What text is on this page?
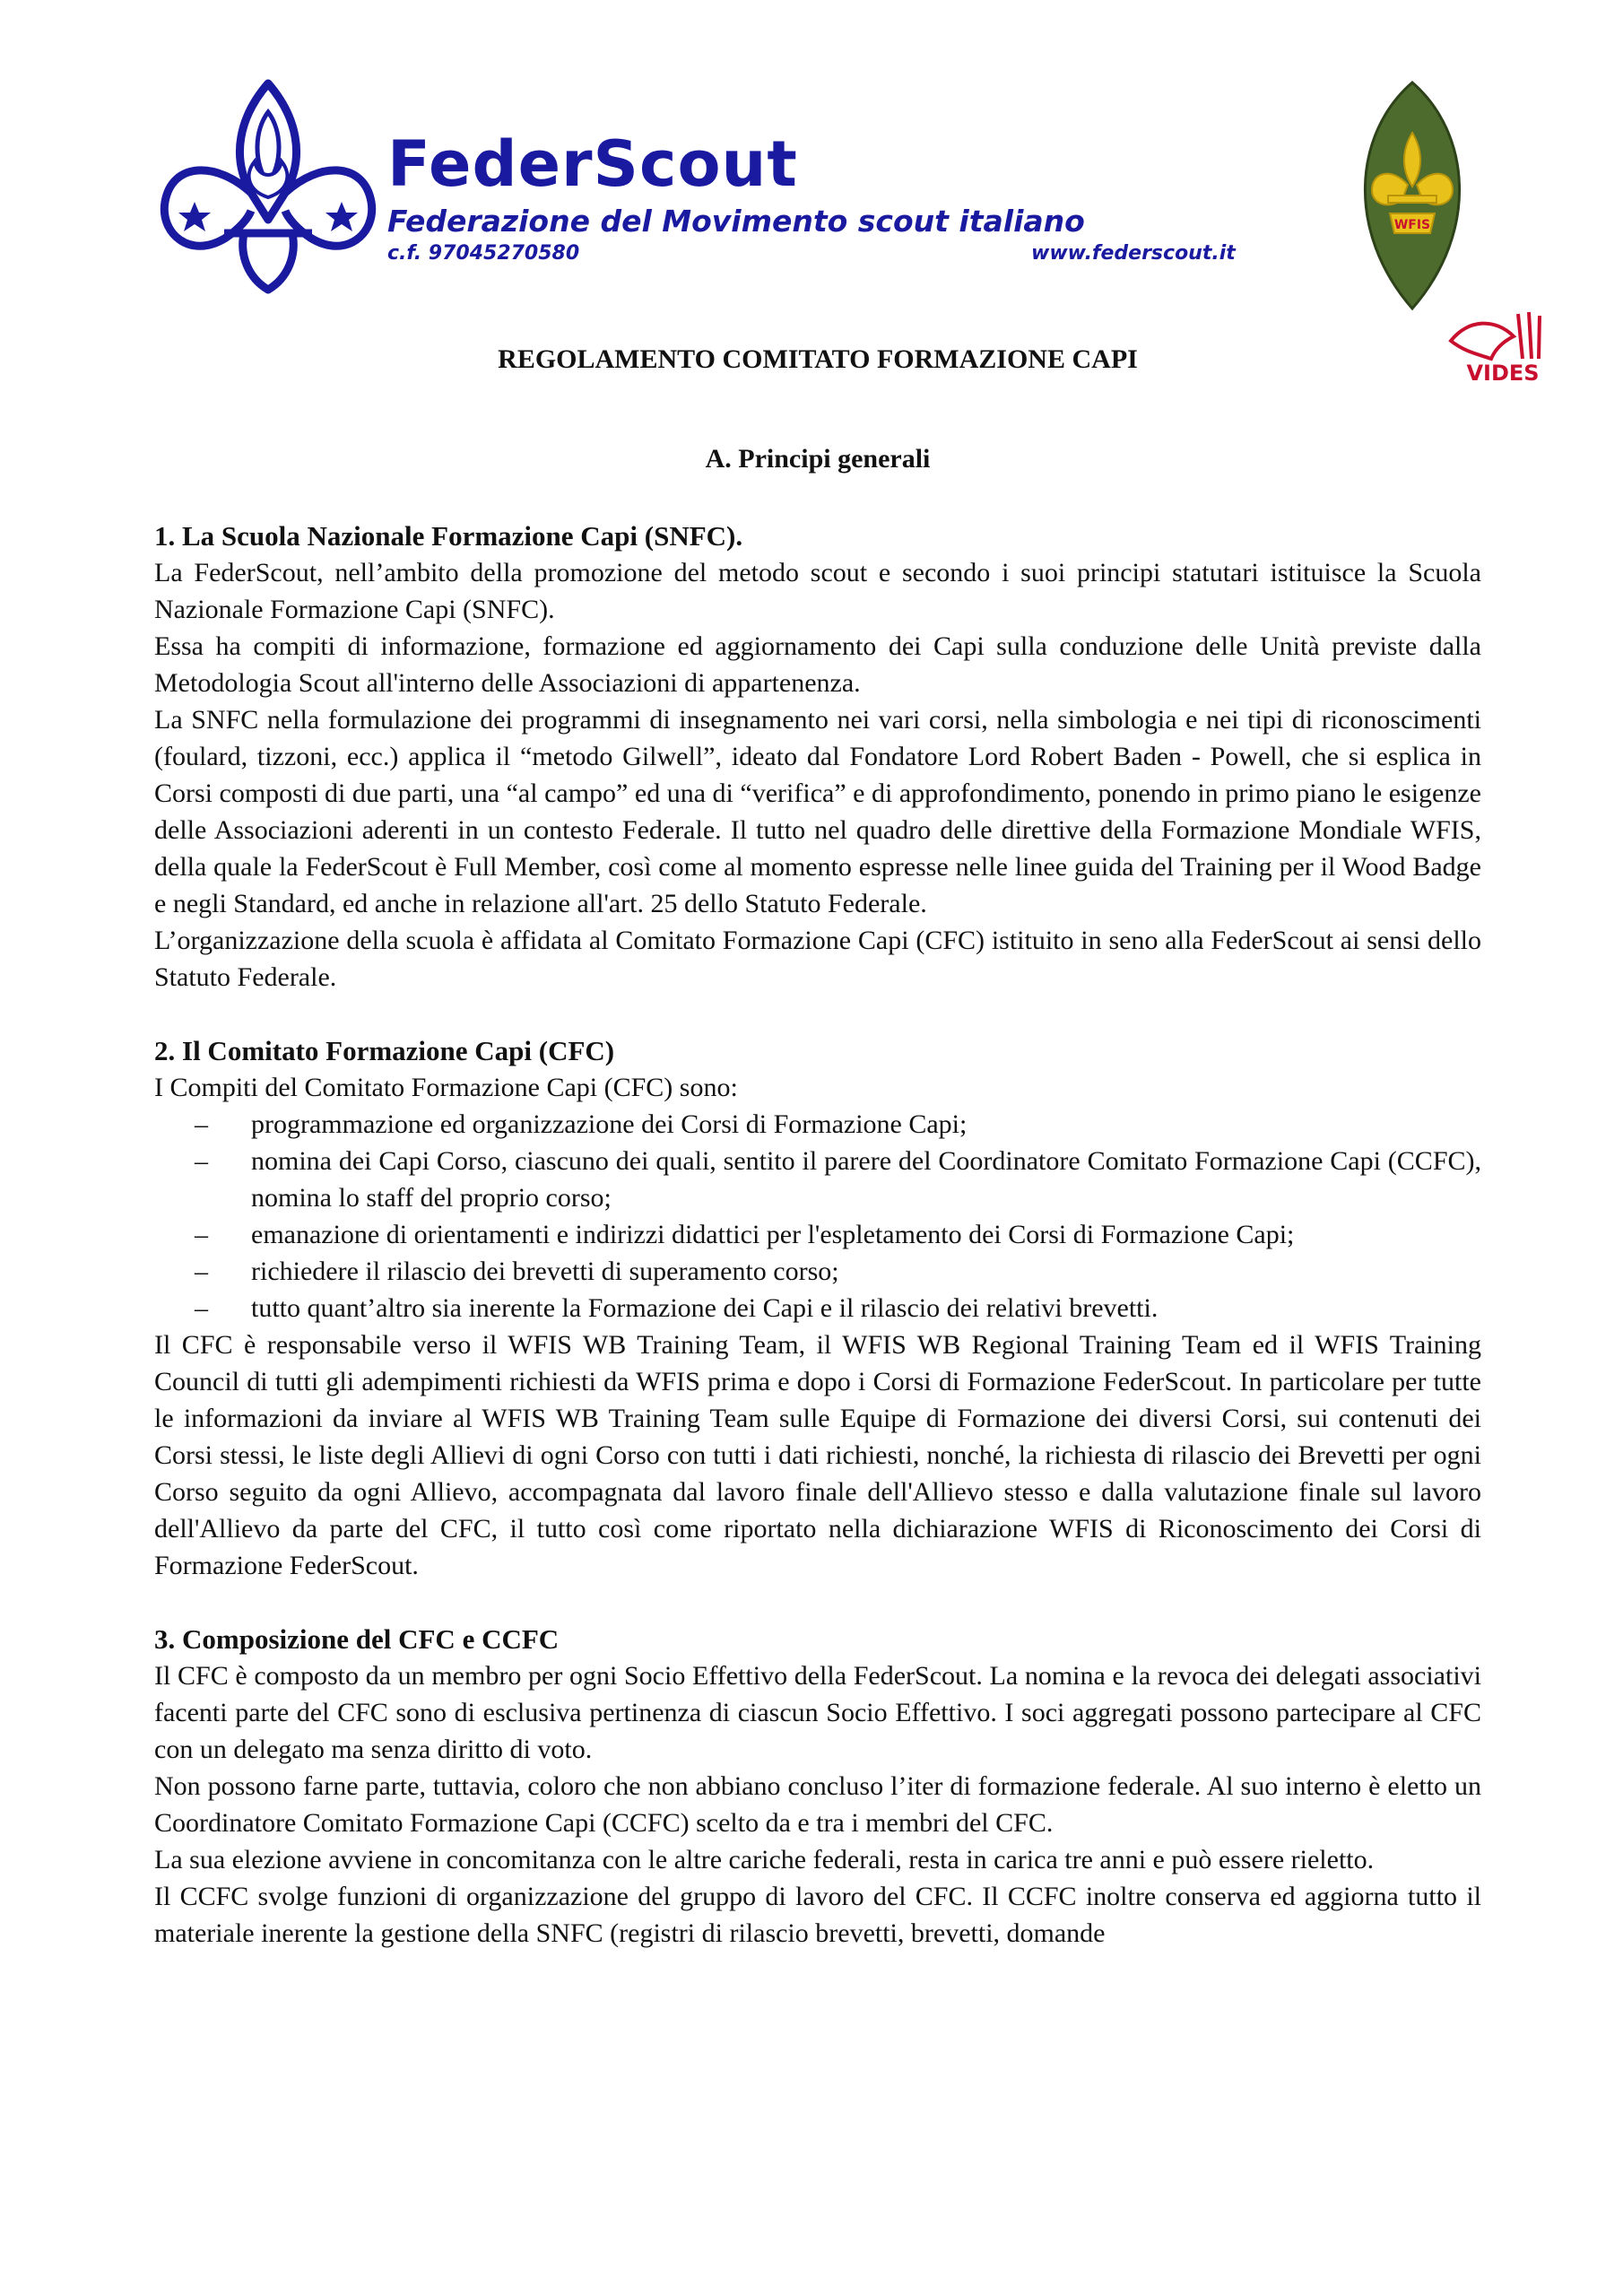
FederScout
Federazione del Movimento scout italiano
c.f. 97045270580	www.federscout.it
WFIS
VIDES
REGOLAMENTO COMITATO FORMAZIONE CAPI
A. Principi generali
1. La Scuola Nazionale Formazione Capi (SNFC).

La FederScout, nell’ambito della promozione del metodo scout e secondo i suoi principi statutari istituisce la Scuola Nazionale Formazione Capi (SNFC).

Essa ha compiti di informazione, formazione ed aggiornamento dei Capi sulla conduzione delle Unità previste dalla Metodologia Scout all'interno delle Associazioni di appartenenza.

La SNFC nella formulazione dei programmi di insegnamento nei vari corsi, nella simbologia e nei tipi di riconoscimenti (foulard, tizzoni, ecc.) applica il “metodo Gilwell”, ideato dal Fondatore Lord Robert Baden - Powell, che si esplica in Corsi composti di due parti, una “al campo” ed una di “verifica” e di approfondimento, ponendo in primo piano le esigenze delle Associazioni aderenti in un contesto Federale. Il tutto nel quadro delle direttive della Formazione Mondiale WFIS, della quale la FederScout è Full Member, così come al momento espresse nelle linee guida del Training per il Wood Badge e negli Standard, ed anche in relazione all'art. 25 dello Statuto Federale.

L’organizzazione della scuola è affidata al Comitato Formazione Capi (CFC) istituito in seno alla FederScout ai sensi dello Statuto Federale.

2. Il Comitato Formazione Capi (CFC)

I Compiti del Comitato Formazione Capi (CFC) sono:

– programmazione ed organizzazione dei Corsi di Formazione Capi;
– nomina dei Capi Corso, ciascuno dei quali, sentito il parere del Coordinatore Comitato Formazione Capi (CCFC), nomina lo staff del proprio corso;
– emanazione di orientamenti e indirizzi didattici per l'espletamento dei Corsi di Formazione Capi;
– richiedere il rilascio dei brevetti di superamento corso;
– tutto quant’altro sia inerente la Formazione dei Capi e il rilascio dei relativi brevetti.

Il CFC è responsabile verso il WFIS WB Training Team, il WFIS WB Regional Training Team ed il WFIS Training Council di tutti gli adempimenti richiesti da WFIS prima e dopo i Corsi di Formazione FederScout. In particolare per tutte le informazioni da inviare al WFIS WB Training Team sulle Equipe di Formazione dei diversi Corsi, sui contenuti dei Corsi stessi, le liste degli Allievi di ogni Corso con tutti i dati richiesti, nonché, la richiesta di rilascio dei Brevetti per ogni Corso seguito da ogni Allievo, accompagnata dal lavoro finale dell'Allievo stesso e dalla valutazione finale sul lavoro dell'Allievo da parte del CFC, il tutto così come riportato nella dichiarazione WFIS di Riconoscimento dei Corsi di Formazione FederScout.

3. Composizione del CFC e CCFC

Il CFC è composto da un membro per ogni Socio Effettivo della FederScout. La nomina e la revoca dei delegati associativi facenti parte del CFC sono di esclusiva pertinenza di ciascun Socio Effettivo. I soci aggregati possono partecipare al CFC con un delegato ma senza diritto di voto.

Non possono farne parte, tuttavia, coloro che non abbiano concluso l’iter di formazione federale. Al suo interno è eletto un Coordinatore Comitato Formazione Capi (CCFC) scelto da e tra i membri del CFC.

La sua elezione avviene in concomitanza con le altre cariche federali, resta in carica tre anni e può essere rieletto.

Il CCFC svolge funzioni di organizzazione del gruppo di lavoro del CFC. Il CCFC inoltre conserva ed aggiorna tutto il materiale inerente la gestione della SNFC (registri di rilascio brevetti, brevetti, domande
